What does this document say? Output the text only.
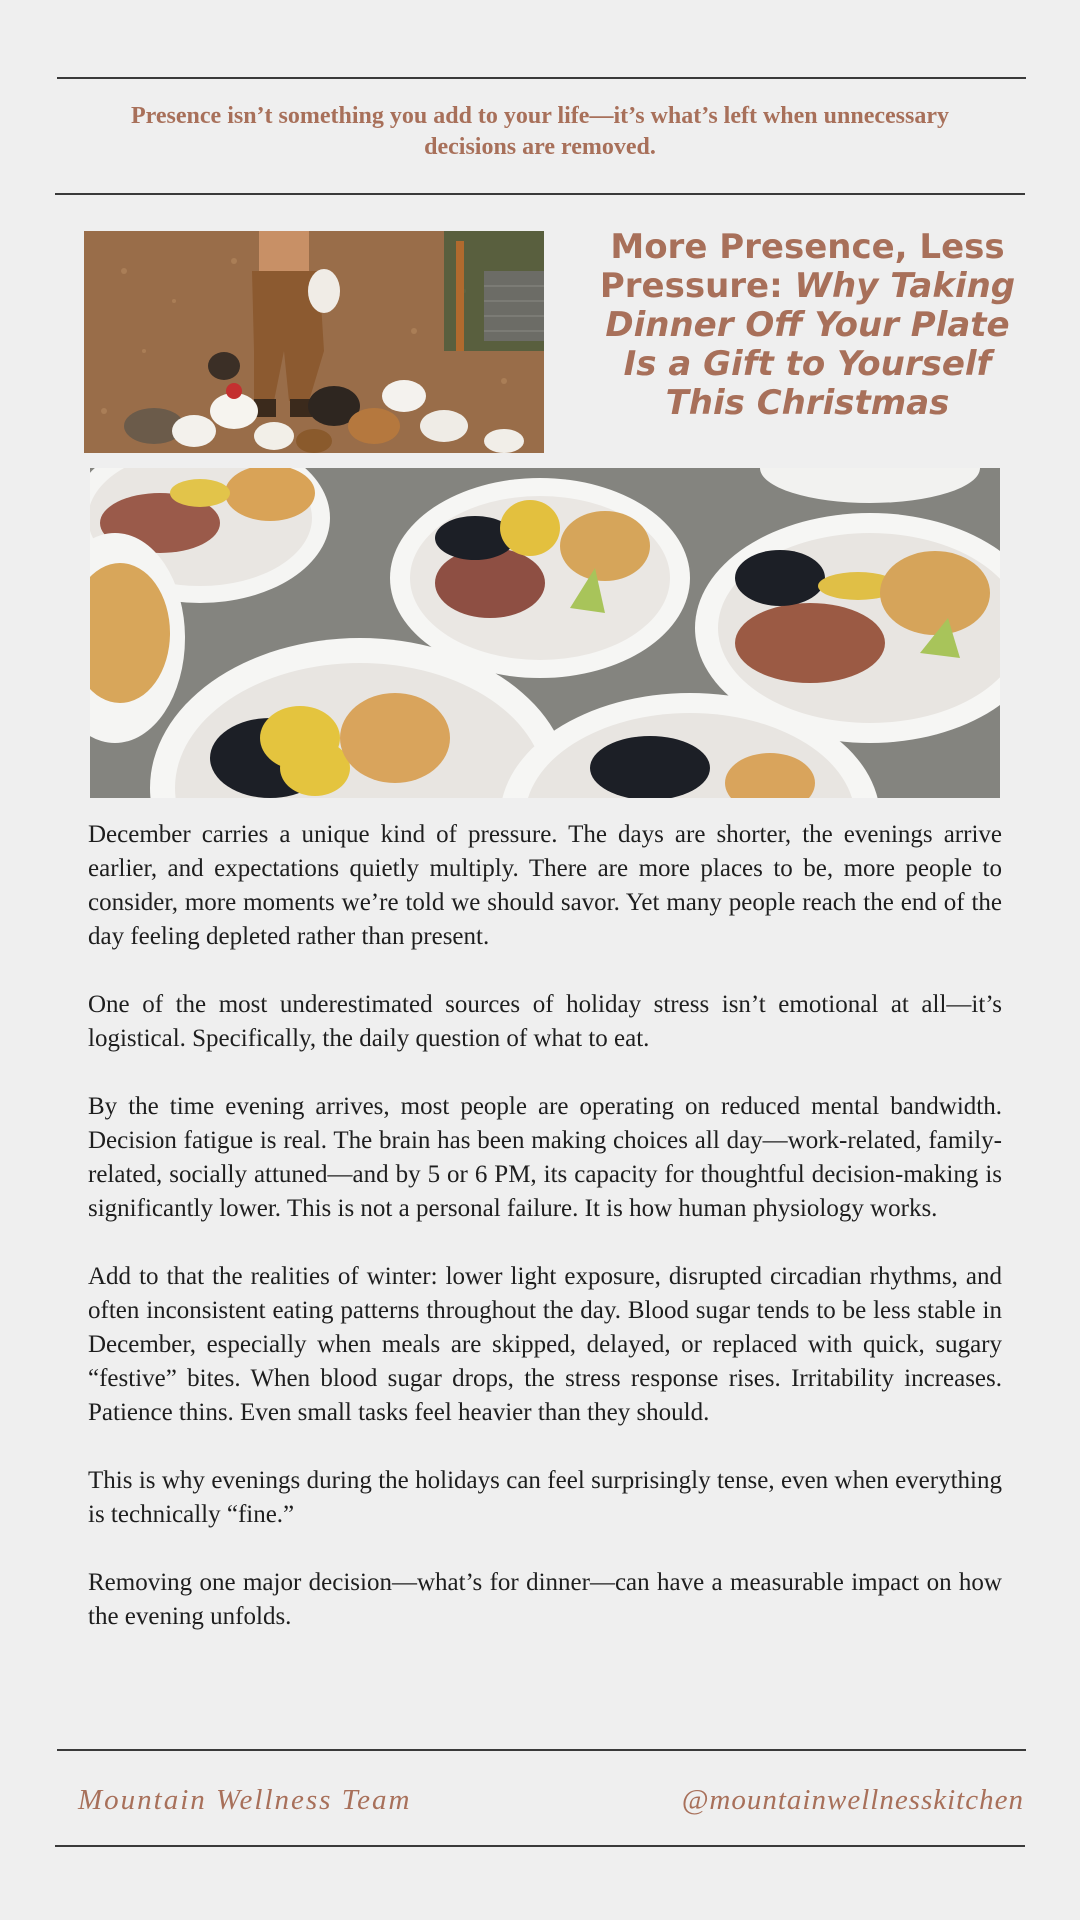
Presence isn’t something you add to your life—it’s what’s left when unnecessary decisions are removed.
More Presence, Less Pressure: Why Taking Dinner Off Your Plate Is a Gift to Yourself This Christmas

December carries a unique kind of pressure. The days are shorter, the evenings arrive earlier, and expectations quietly multiply. There are more places to be, more people to consider, more moments we’re told we should savor. Yet many people reach the end of the day feeling depleted rather than present.

One of the most underestimated sources of holiday stress isn’t emotional at all—it’s logistical. Specifically, the daily question of what to eat.

By the time evening arrives, most people are operating on reduced mental bandwidth. Decision fatigue is real. The brain has been making choices all day—work-related, family-related, socially attuned—and by 5 or 6 PM, its capacity for thoughtful decision-making is significantly lower. This is not a personal failure. It is how human physiology works.

Add to that the realities of winter: lower light exposure, disrupted circadian rhythms, and often inconsistent eating patterns throughout the day. Blood sugar tends to be less stable in December, especially when meals are skipped, delayed, or replaced with quick, sugary “festive” bites. When blood sugar drops, the stress response rises. Irritability increases. Patience thins. Even small tasks feel heavier than they should.

This is why evenings during the holidays can feel surprisingly tense, even when everything is technically “fine.”

Removing one major decision—what’s for dinner—can have a measurable impact on how the evening unfolds.

Mountain Wellness Team	@mountainwellnesskitchen
